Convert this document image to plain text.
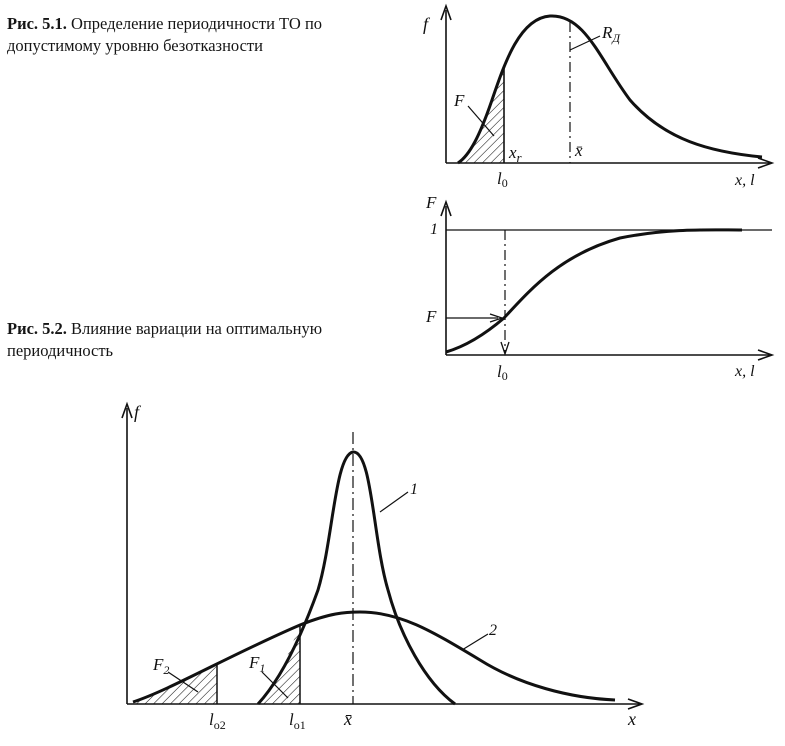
Рис. 5.1. Определение периодичности ТО по допустимому уровню безотказности
Рис. 5.2. Влияние вариации на оптимальную периодичность
f
x, l
F
$x_r$	x̄
$R_Д$
l0
F
1
F
x, l
l0
f
x
1
2
$F_2$	$F_1$
$l_{o2}$	$l_{o1}$ x̄
